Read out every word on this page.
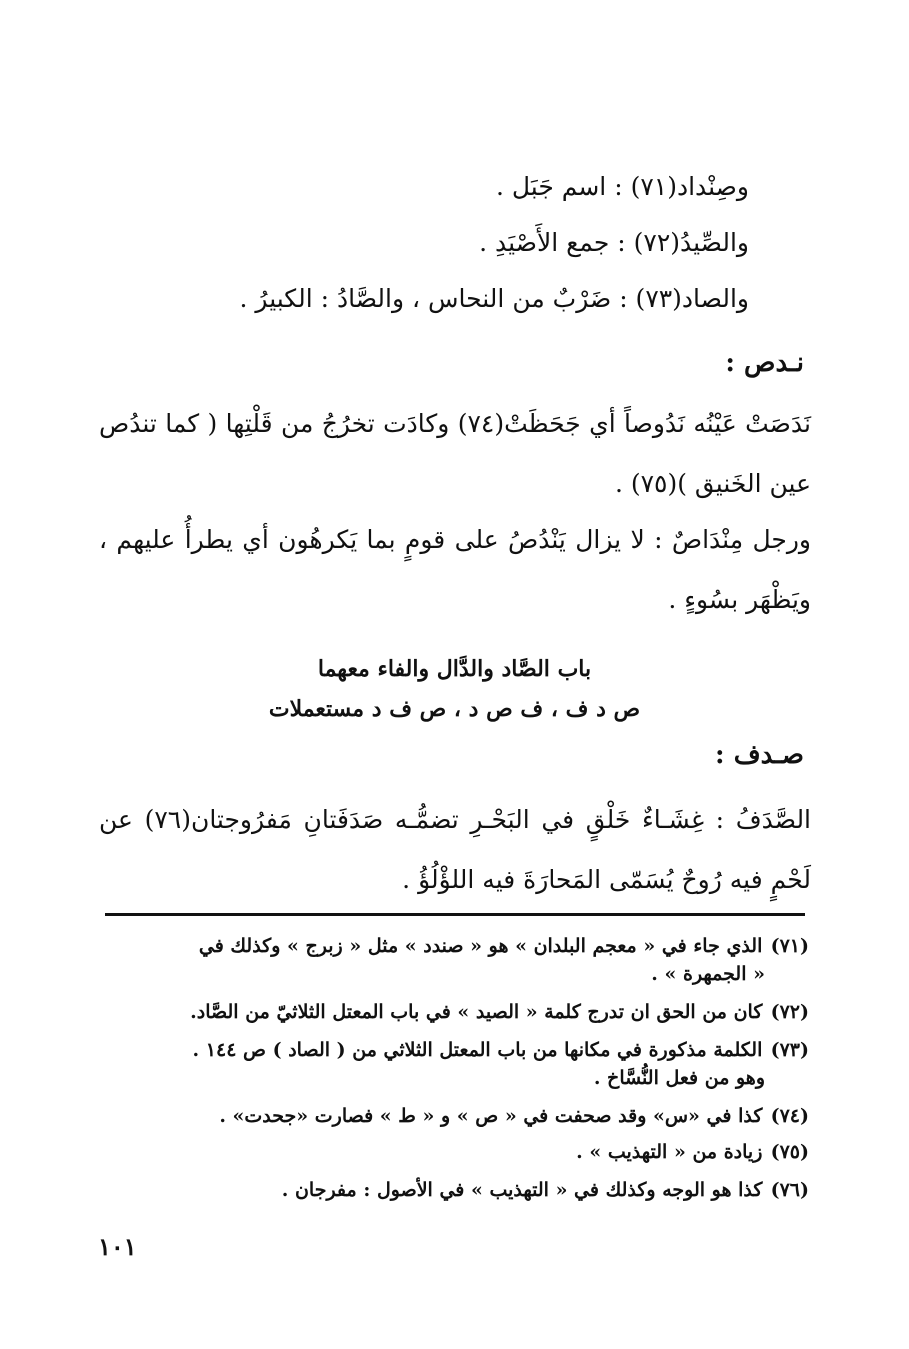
وصِنْداد(٧١) : اسم جَبَل .
والصِّيدُ(٧٢) : جمع الأَصْيَدِ .
والصاد(٧٣) : ضَرْبٌ من النحاس ، والصَّادُ : الكبيرُ .
نـدص :
نَدَصَتْ عَيْنُه نَدُوصاً أي جَحَظَتْ(٧٤) وكادَت تخرُجُ من قَلْتِها ( كما تندُص عين الخَنيق )(٧٥) .
ورجل مِنْدَاصٌ : لا يزال يَنْدُصُ على قومٍ بما يَكرهُون أي يطرأُ عليهم ، ويَظْهَر بسُوءٍ .
باب الصَّاد والدَّال والفاء معهما
ص د ف ، ف ص د ، ص ف د مستعملات
صـدف :
الصَّدَفُ : غِشَـاءٌ خَلْقٍ في البَحْـرِ تضمُّـه صَدَفَتانِ مَفرُوجتان(٧٦) عن لَحْمٍ فيه رُوحٌ يُسَمّى المَحارَةَ فيه اللؤْلُؤُ .
(٧١) الذي جاء في « معجم البلدان » هو « صندد » مثل « زبرج » وكذلك في
« الجمهرة » .
(٧٢) كان من الحق ان تدرج كلمة « الصيد » في باب المعتل الثلاثيّ من الصَّاد.
(٧٣) الكلمة مذكورة في مكانها من باب المعتل الثلاثي من ( الصاد ) ص ١٤٤ .
وهو من فعل النُّسَّاخ .
(٧٤) كذا في «س» وقد صحفت في « ص » و « ط » فصارت «جحدت» .
(٧٥) زيادة من « التهذيب » .
(٧٦) كذا هو الوجه وكذلك في « التهذيب » في الأصول : مفرجان .
١٠١
